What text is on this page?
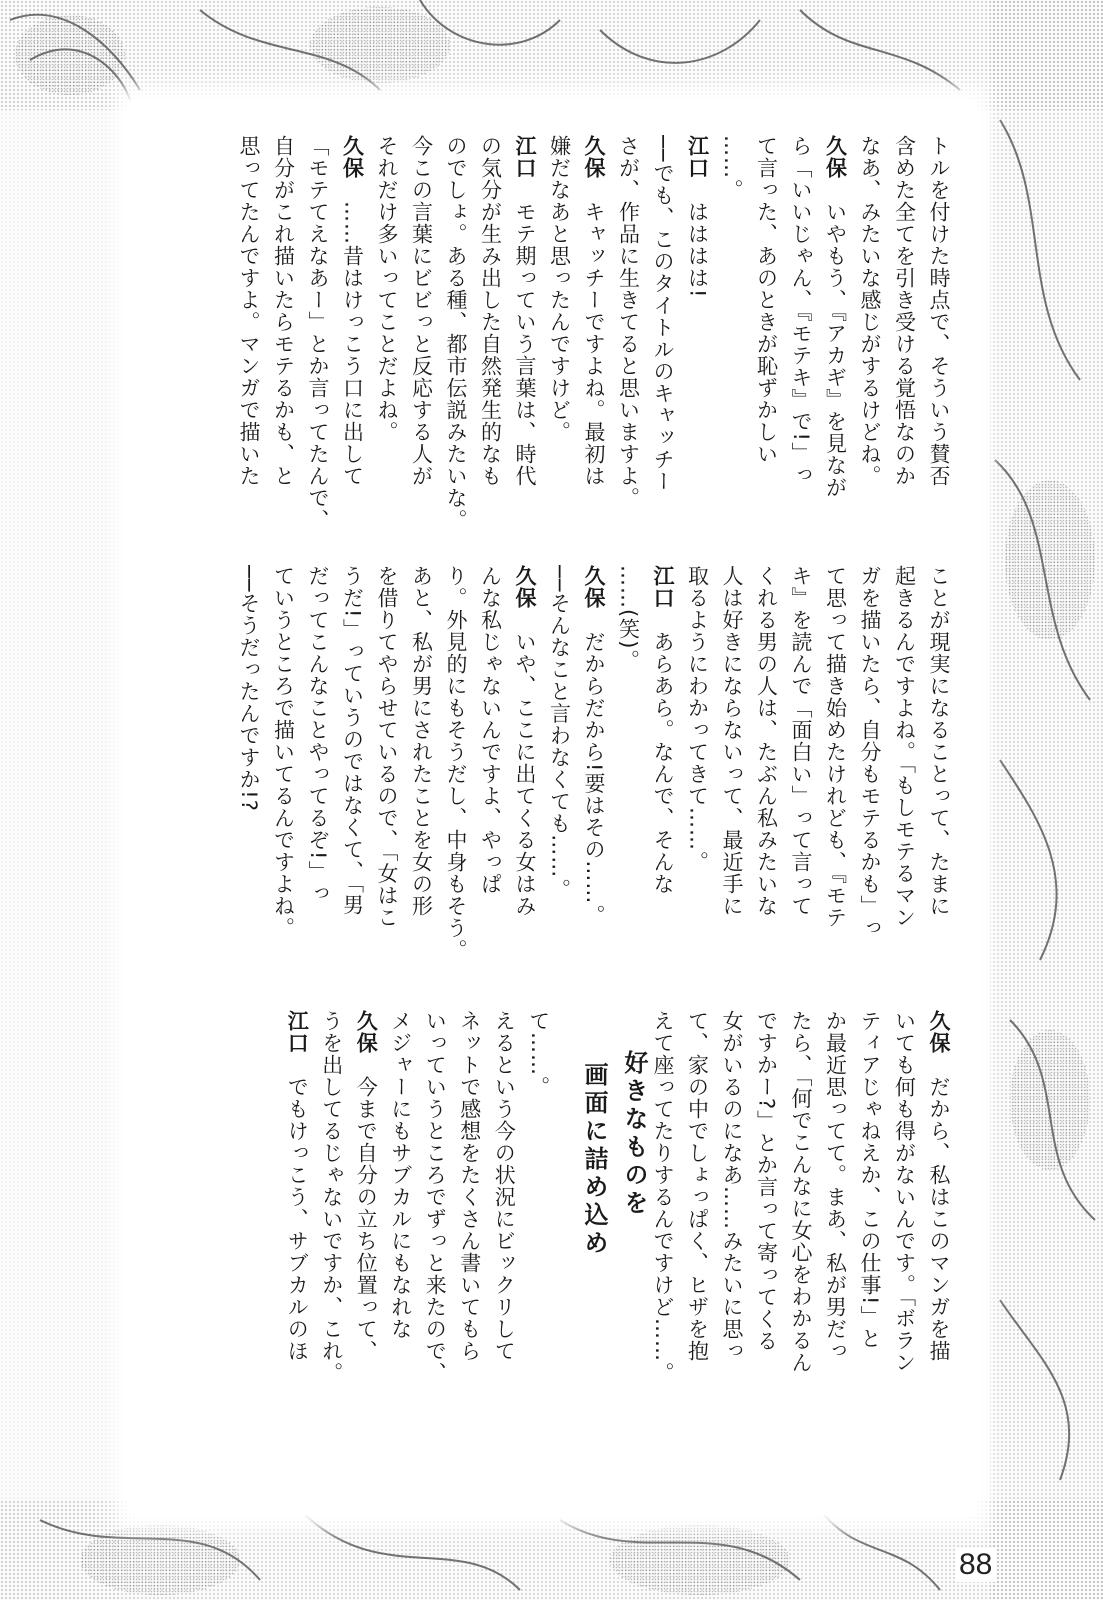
トルを付けた時点で、そういう賛否
含めた全てを引き受ける覚悟なのか
なあ、みたいな感じがするけどね。
久保　いやもう、『アカギ』を見なが
ら「いいじゃん、『モテキ』で!」っ
て言った、あのときが恥ずかしい
……。
江口　はははは!
──でも、このタイトルのキャッチー
さが、作品に生きてると思いますよ。
久保　キャッチーですよね。最初は
嫌だなあと思ったんですけど。
江口　モテ期っていう言葉は、時代
の気分が生み出した自然発生的なも
のでしょ。ある種、都市伝説みたいな。
今この言葉にビビっと反応する人が
それだけ多いってことだよね。
久保　……昔はけっこう口に出して
「モテてえなあー」とか言ってたんで、
自分がこれ描いたらモテるかも、と
思ってたんですよ。マンガで描いた
ことが現実になることって、たまに
起きるんですよね。「もしモテるマン
ガを描いたら、自分もモテるかも」っ
て思って描き始めたけれども、『モテ
キ』を読んで「面白い」って言って
くれる男の人は、たぶん私みたいな
人は好きにならないって、最近手に
取るようにわかってきて……。
江口　あらあら。なんで、そんな
……(笑)。
久保　だからだから!要はその……。
──そんなこと言わなくても……。
久保　いや、ここに出てくる女はみ
んな私じゃないんですよ、やっぱ
り。外見的にもそうだし、中身もそう。
あと、私が男にされたことを女の形
を借りてやらせているので、「女はこ
うだ!」っていうのではなくて、「男
だってこんなことやってるぞ!」っ
ていうところで描いてるんですよね。
──そうだったんですか!?
久保　だから、私はこのマンガを描
いても何も得がないんです。「ボラン
ティアじゃねえか、この仕事!」と
か最近思ってて。まあ、私が男だっ
たら、「何でこんなに女心をわかるん
ですかー?」とか言って寄ってくる
女がいるのになあ……みたいに思っ
て、家の中でしょっぱく、ヒザを抱
えて座ってたりするんですけど……。
好きなものを
画面に詰め込め
て……。
えるという今の状況にビックリして
ネットで感想をたくさん書いてもら
いっていうところでずっと来たので、
メジャーにもサブカルにもなれな
久保　今まで自分の立ち位置って、
うを出してるじゃないですか、これ。
江口　でもけっこう、サブカルのほ
88
